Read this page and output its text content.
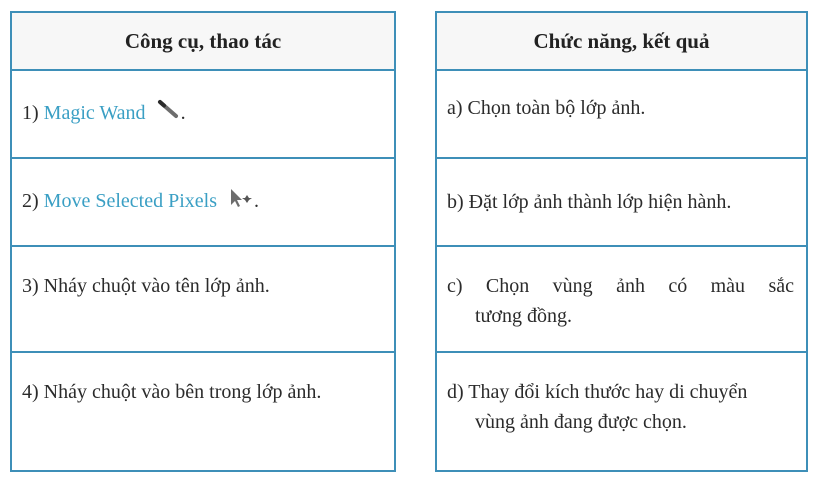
Công cụ, thao tác
1) Magic Wand .
2) Move Selected Pixels .
3) Nháy chuột vào tên lớp ảnh.
4) Nháy chuột vào bên trong lớp ảnh.
Chức năng, kết quả
a) Chọn toàn bộ lớp ảnh.
b) Đặt lớp ảnh thành lớp hiện hành.
c) Chọn vùng ảnh có màu sắc
tương đồng.
d) Thay đổi kích thước hay di chuyển
vùng ảnh đang được chọn.
